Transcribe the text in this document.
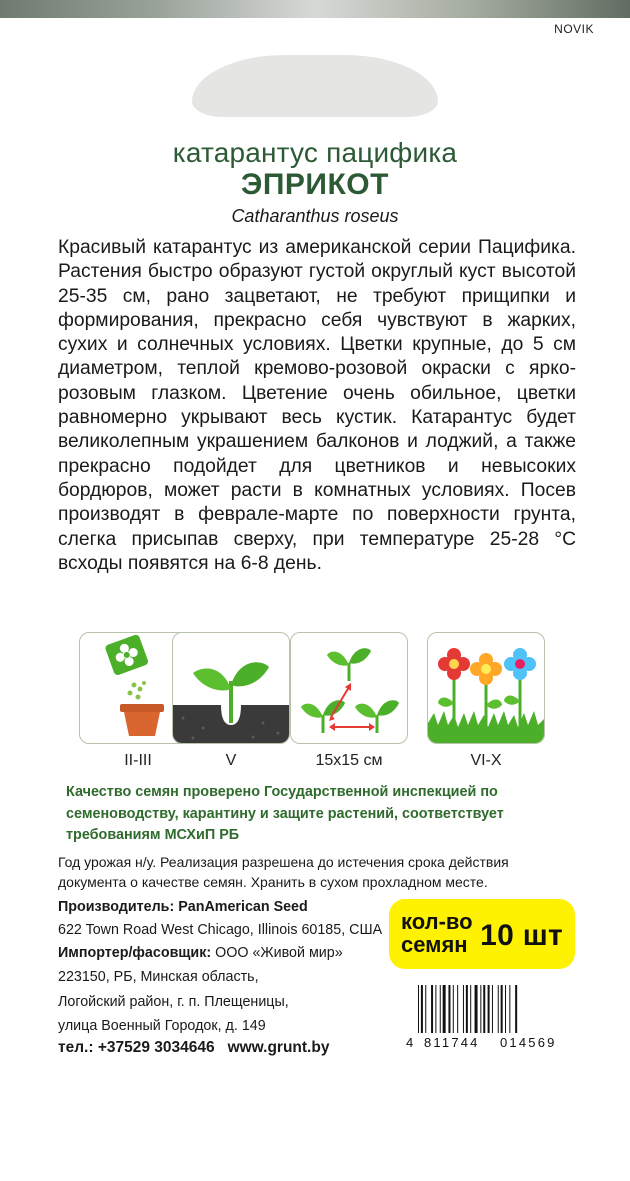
NOVIK
катарантус пацифика
ЭПРИКОТ
Catharanthus roseus
Красивый катарантус из американской серии Пацифика. Растения быстро образуют густой округлый куст высотой 25-35 см, рано зацветают, не требуют прищипки и формирования, прекрасно себя чувствуют в жарких, сухих и солнечных условиях. Цветки крупные, до 5 см диаметром, теплой кремово-розовой окраски с ярко-розовым глазком. Цветение очень обильное, цветки равномерно укрывают весь кустик. Катарантус будет великолепным украшением балконов и лоджий, а также прекрасно подойдет для цветников и невысоких бордюров, может расти в комнатных условиях. Посев производят в феврале-марте по поверхности грунта, слегка присыпав сверху, при температуре 25-28 °С всходы появятся на 6-8 день.
II-III	V	15x15 см	VI-X
Качество семян проверено Государственной инспекцией по семеноводству, карантину и защите растений, соответствует требованиям МСХиП РБ
Год урожая н/у. Реализация разрешена до истечения срока действия документа о качестве семян. Хранить в сухом прохладном месте.
Производитель: PanAmerican Seed
622 Town Road West Chicago, Illinois 60185, США
Импортер/фасовщик: ООО «Живой мир»
223150, РБ, Минская область,
Логойский район, г. п. Плещеницы,
улица Военный Городок, д. 149
тел.: +37529 3034646 www.grunt.by
кол-во
семян 10 шт
4 811744 014569
